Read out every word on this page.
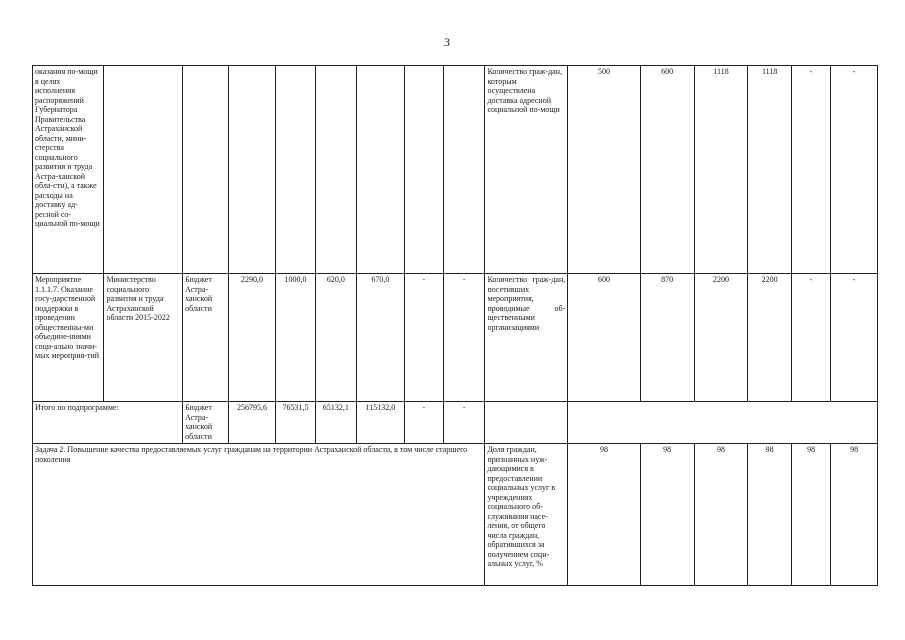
3
оказания по-мощи в целях исполнения распоряжений Губернатора Правительства Астраханской области, мини-стерства социального развития и труда Астра-ханской обла-сти), а также расходы на доставку ад-ресной со-циальной по-мощи									Количество граж-дан, которым осуществлена доставка адресной социальной по-мощи	500	600	1118	1118	-	-
Мероприятие 1.1.1.7. Оказание госу-дарственной поддержки в проведении общественны-ми объедине-ниями соци-ально значи-мых мероприя-тий	Министерство социального развития и труда Астраханской области 2015-2022	Бюджет Астра-ханской области	2290,0	1000,0	620,0	670,0	-	-	Количество граж-дан, посетивших мероприятия, проводимые об-щественными организациями	600	870	2200	2200	-	-
Итого по подпрограмме:		Бюджет Астра-ханской области	256795,6	76531,5	65132,1	115132,0	-	-							
Задача 2. Повышение качества предоставляемых услуг гражданам на территории Астраханской области, в том числе старшего поколения									Доля граждан, признанных нуж-дающимися в предоставлении социальных услуг в учреждениях социального об-служивания насе-ления, от общего числа граждан, обратившихся за получением соци-альных услуг, %	98	98	98	98	98	98
